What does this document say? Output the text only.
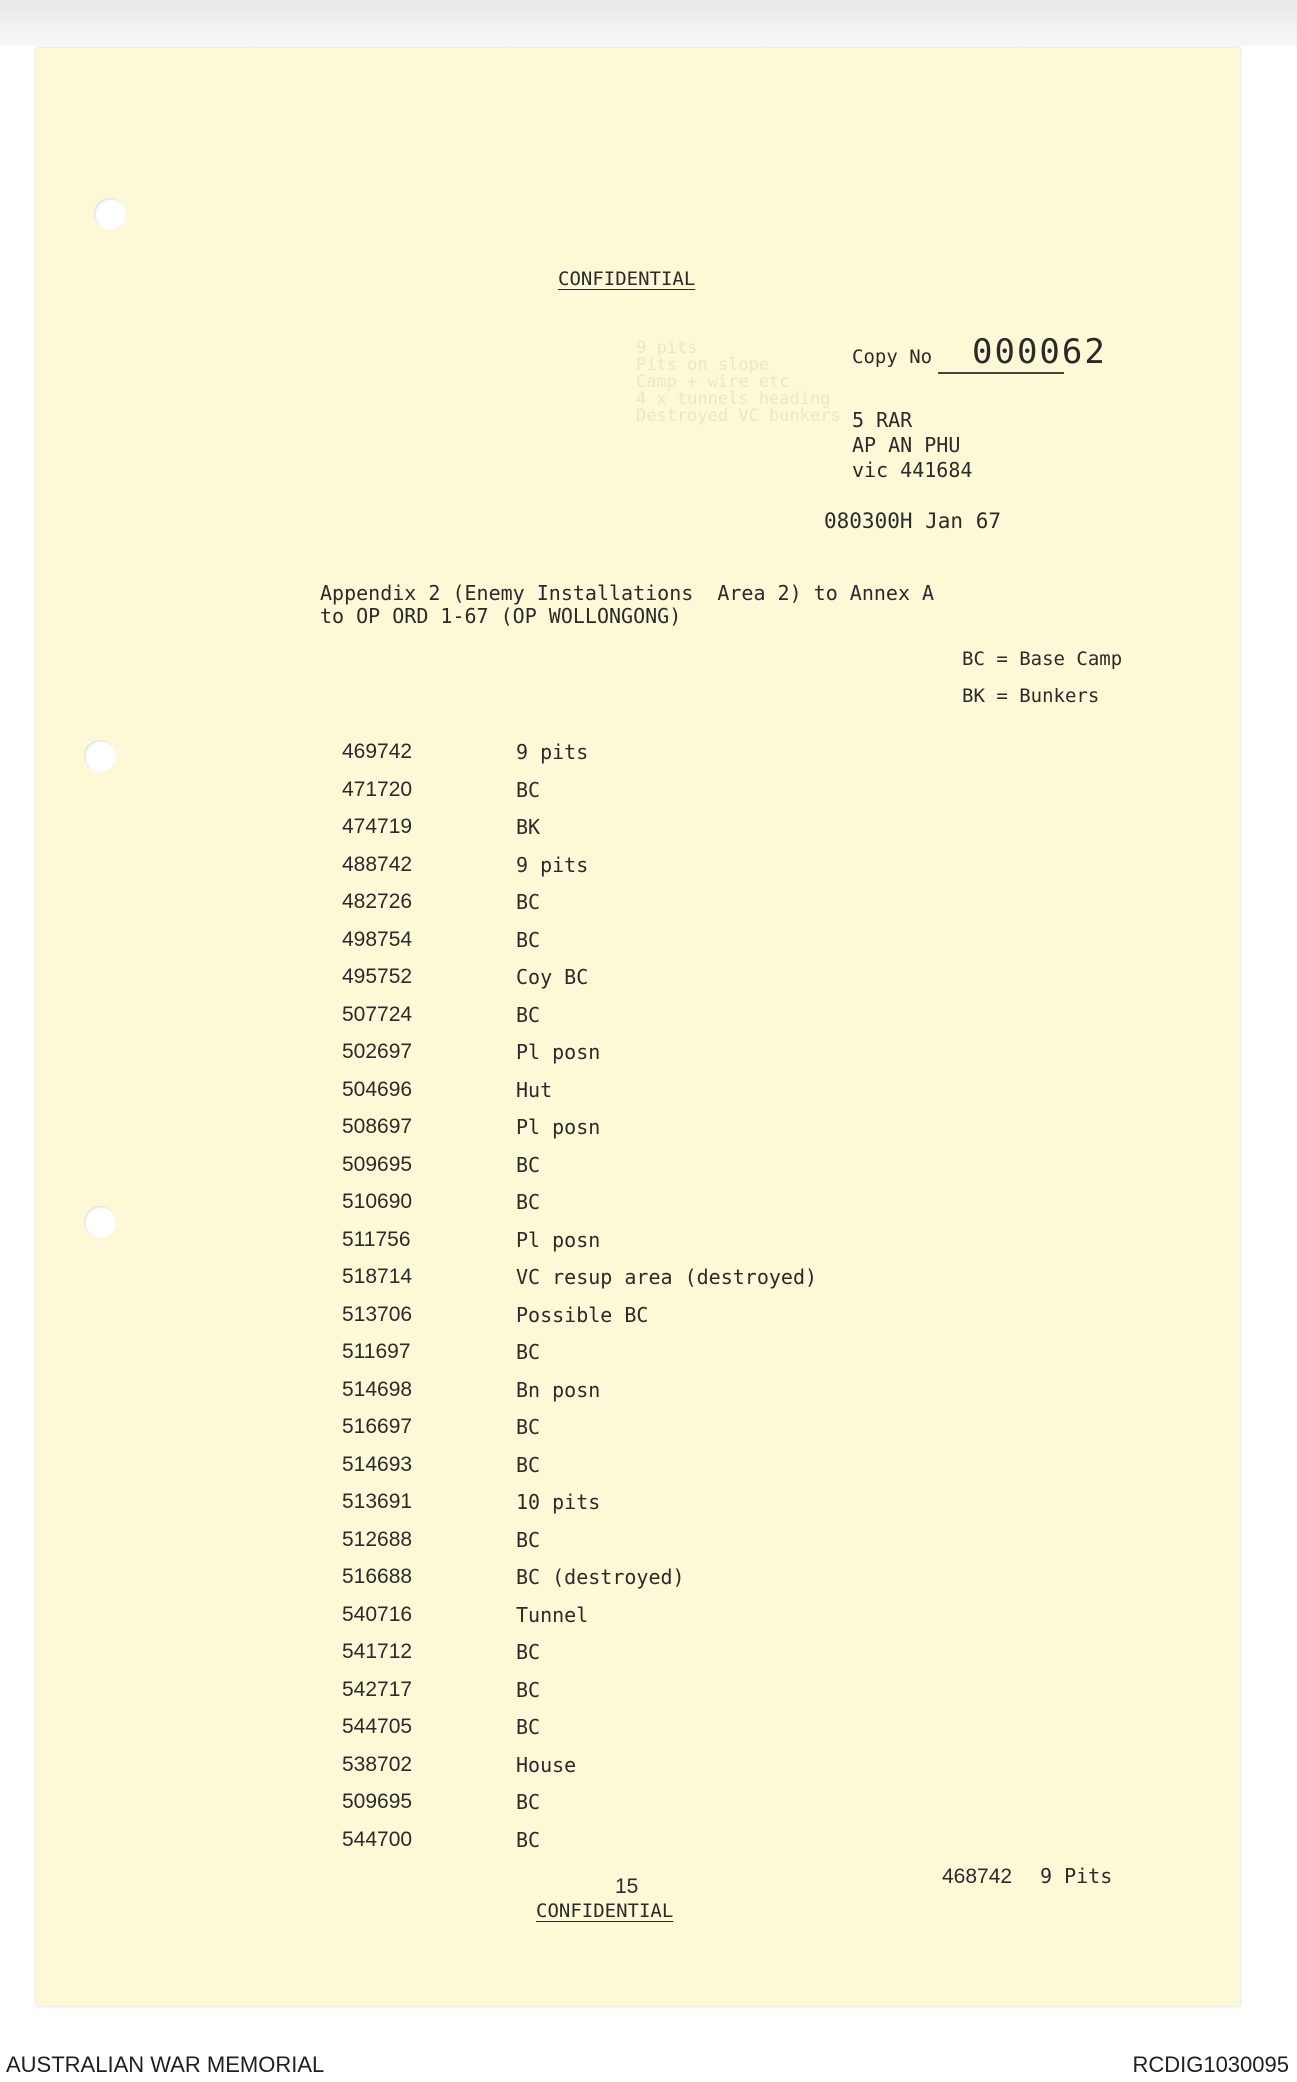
9 pits
Pits on slope
Camp + wire etc
4 x tunnels heading
Destroyed VC bunkers
CONFIDENTIAL
Copy No 000062
5 RAR
AP AN PHU
vic 441684
080300H Jan 67
Appendix 2 (Enemy Installations  Area 2) to Annex A
to OP ORD 1-67 (OP WOLLONGONG)
BC = Base Camp
BK = Bunkers
469742	9 pits
471720	BC
474719	BK
488742	9 pits
482726	BC
498754	BC
495752	Coy BC
507724	BC
502697	Pl posn
504696	Hut
508697	Pl posn
509695	BC
510690	BC
511756	Pl posn
518714	VC resup area (destroyed)
513706	Possible BC
511697	BC
514698	Bn posn
516697	BC
514693	BC
513691	10 pits
512688	BC
516688	BC (destroyed)
540716	Tunnel
541712	BC
542717	BC
544705	BC
538702	House
509695	BC
544700	BC
468742 9 Pits
15
CONFIDENTIAL
AUSTRALIAN WAR MEMORIAL	RCDIG1030095
